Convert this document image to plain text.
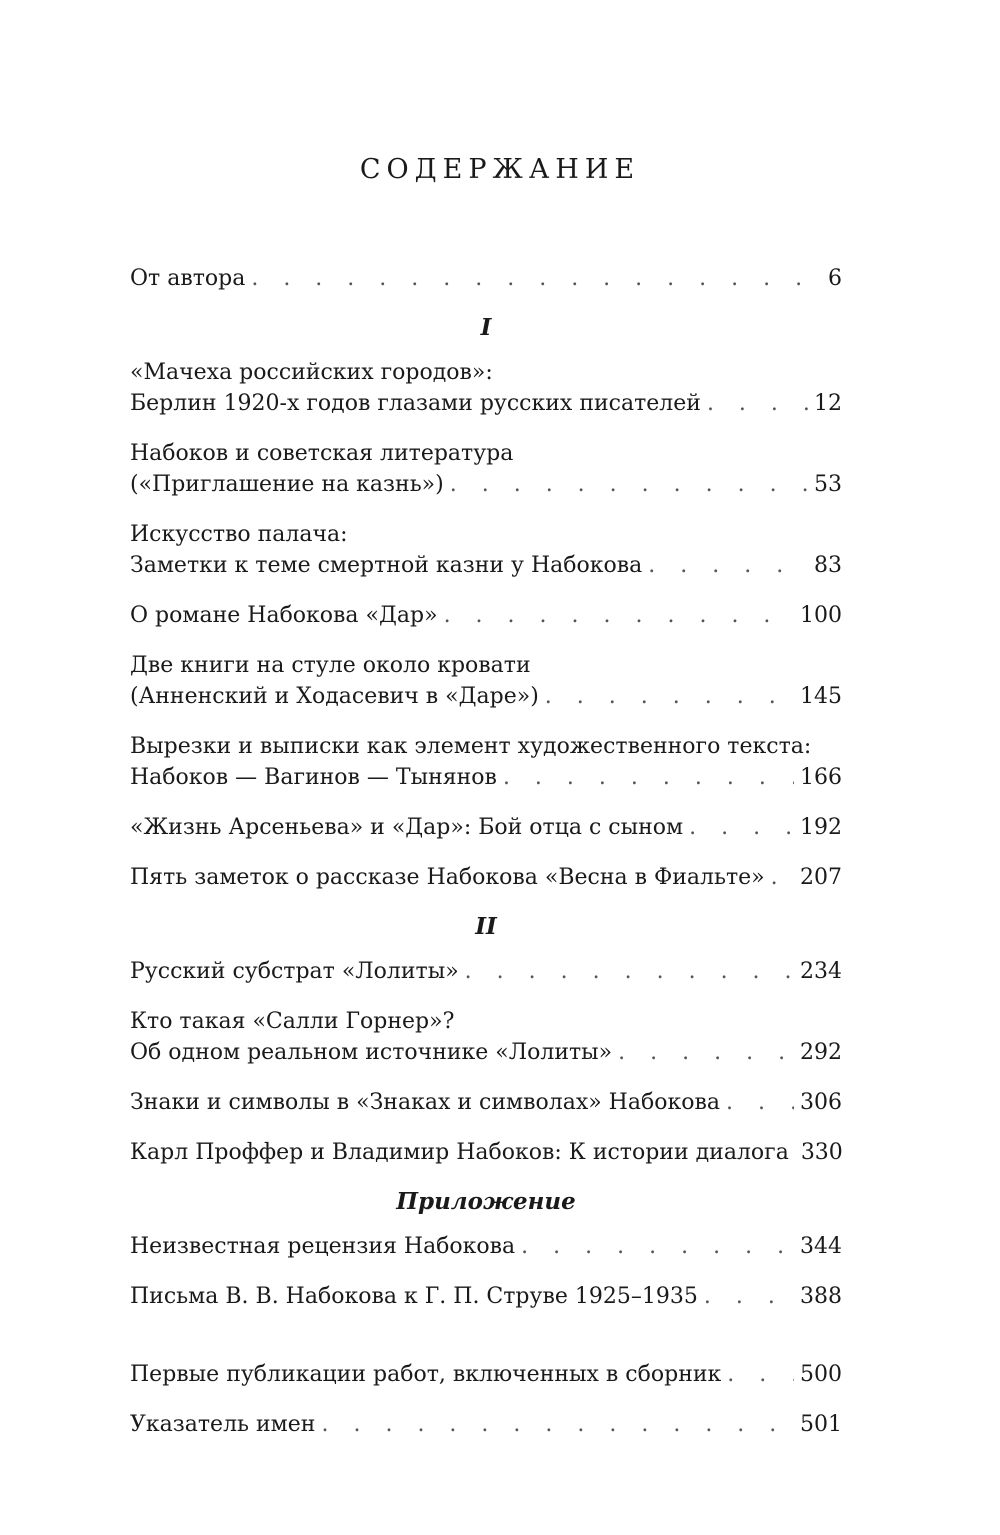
СОДЕРЖАНИЕ
От автора . . .	6
I
«Мачеха российских городов»:
Берлин 1920-х годов глазами русских писателей . . .	12
Набоков и советская литература
(«Приглашение на казнь») . . .	53
Искусство палача:
Заметки к теме смертной казни у Набокова . . .	83
О романе Набокова «Дар» . . .	100
Две книги на стуле около кровати
(Анненский и Ходасевич в «Даре») . . .	145
Вырезки и выписки как элемент художественного текста:
Набоков — Вагинов — Тынянов . . .	166
«Жизнь Арсеньева» и «Дар»: Бой отца с сыном . . .	192
Пять заметок о рассказе Набокова «Весна в Фиальте» . . . 207
II
Русский субстрат «Лолиты» . . .	234
Кто такая «Салли Горнер»?
Об одном реальном источнике «Лолиты» . . .	292
Знаки и символы в «Знаках и символах» Набокова . . .	306
Карл Проффер и Владимир Набоков: К истории диалога 330
Приложение
Неизвестная рецензия Набокова . . .	344
Письма В. В. Набокова к Г. П. Струве 1925–1935 . . .	388
Первые публикации работ, включенных в сборник . . .	500
Указатель имен . . .	501
